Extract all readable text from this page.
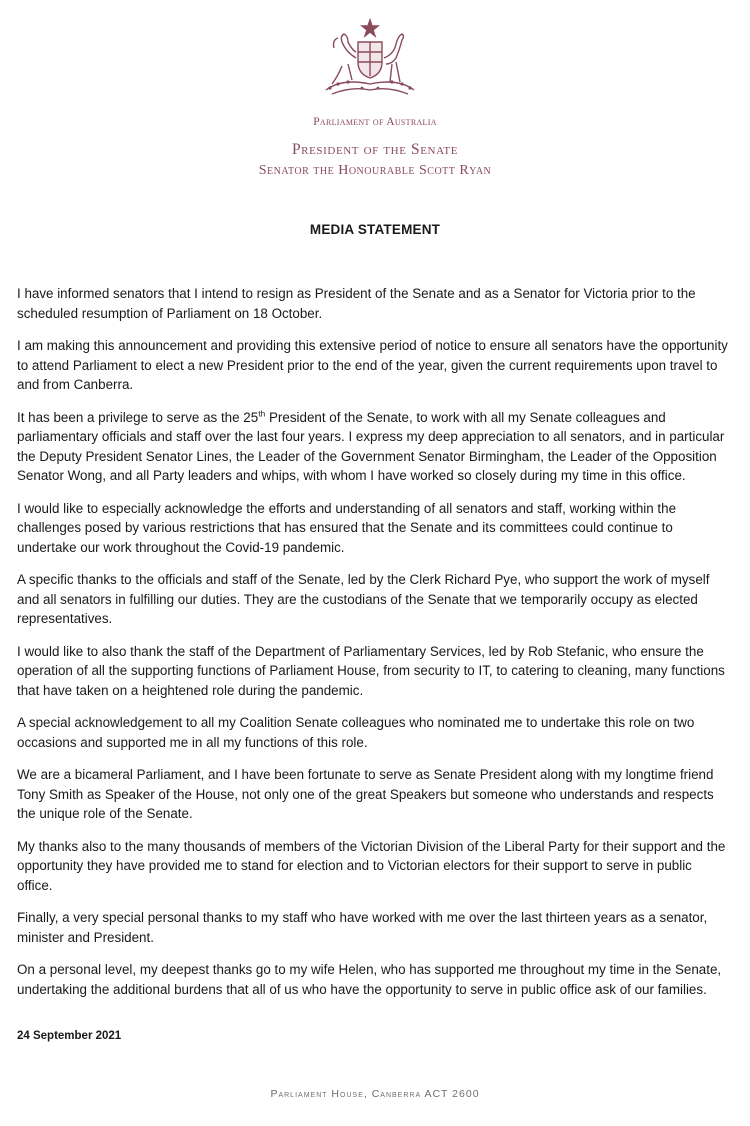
Parliament of Australia
President of the Senate
Senator the Honourable Scott Ryan
MEDIA STATEMENT

I have informed senators that I intend to resign as President of the Senate and as a Senator for Victoria prior to the scheduled resumption of Parliament on 18 October.

I am making this announcement and providing this extensive period of notice to ensure all senators have the opportunity to attend Parliament to elect a new President prior to the end of the year, given the current requirements upon travel to and from Canberra.

It has been a privilege to serve as the 25th President of the Senate, to work with all my Senate colleagues and parliamentary officials and staff over the last four years. I express my deep appreciation to all senators, and in particular the Deputy President Senator Lines, the Leader of the Government Senator Birmingham, the Leader of the Opposition Senator Wong, and all Party leaders and whips, with whom I have worked so closely during my time in this office.

I would like to especially acknowledge the efforts and understanding of all senators and staff, working within the challenges posed by various restrictions that has ensured that the Senate and its committees could continue to undertake our work throughout the Covid-19 pandemic.

A specific thanks to the officials and staff of the Senate, led by the Clerk Richard Pye, who support the work of myself and all senators in fulfilling our duties. They are the custodians of the Senate that we temporarily occupy as elected representatives.

I would like to also thank the staff of the Department of Parliamentary Services, led by Rob Stefanic, who ensure the operation of all the supporting functions of Parliament House, from security to IT, to catering to cleaning, many functions that have taken on a heightened role during the pandemic.

A special acknowledgement to all my Coalition Senate colleagues who nominated me to undertake this role on two occasions and supported me in all my functions of this role.

We are a bicameral Parliament, and I have been fortunate to serve as Senate President along with my longtime friend Tony Smith as Speaker of the House, not only one of the great Speakers but someone who understands and respects the unique role of the Senate.

My thanks also to the many thousands of members of the Victorian Division of the Liberal Party for their support and the opportunity they have provided me to stand for election and to Victorian electors for their support to serve in public office.

Finally, a very special personal thanks to my staff who have worked with me over the last thirteen years as a senator, minister and President.

On a personal level, my deepest thanks go to my wife Helen, who has supported me throughout my time in the Senate, undertaking the additional burdens that all of us who have the opportunity to serve in public office ask of our families.

24 September 2021
Parliament House, Canberra ACT 2600
